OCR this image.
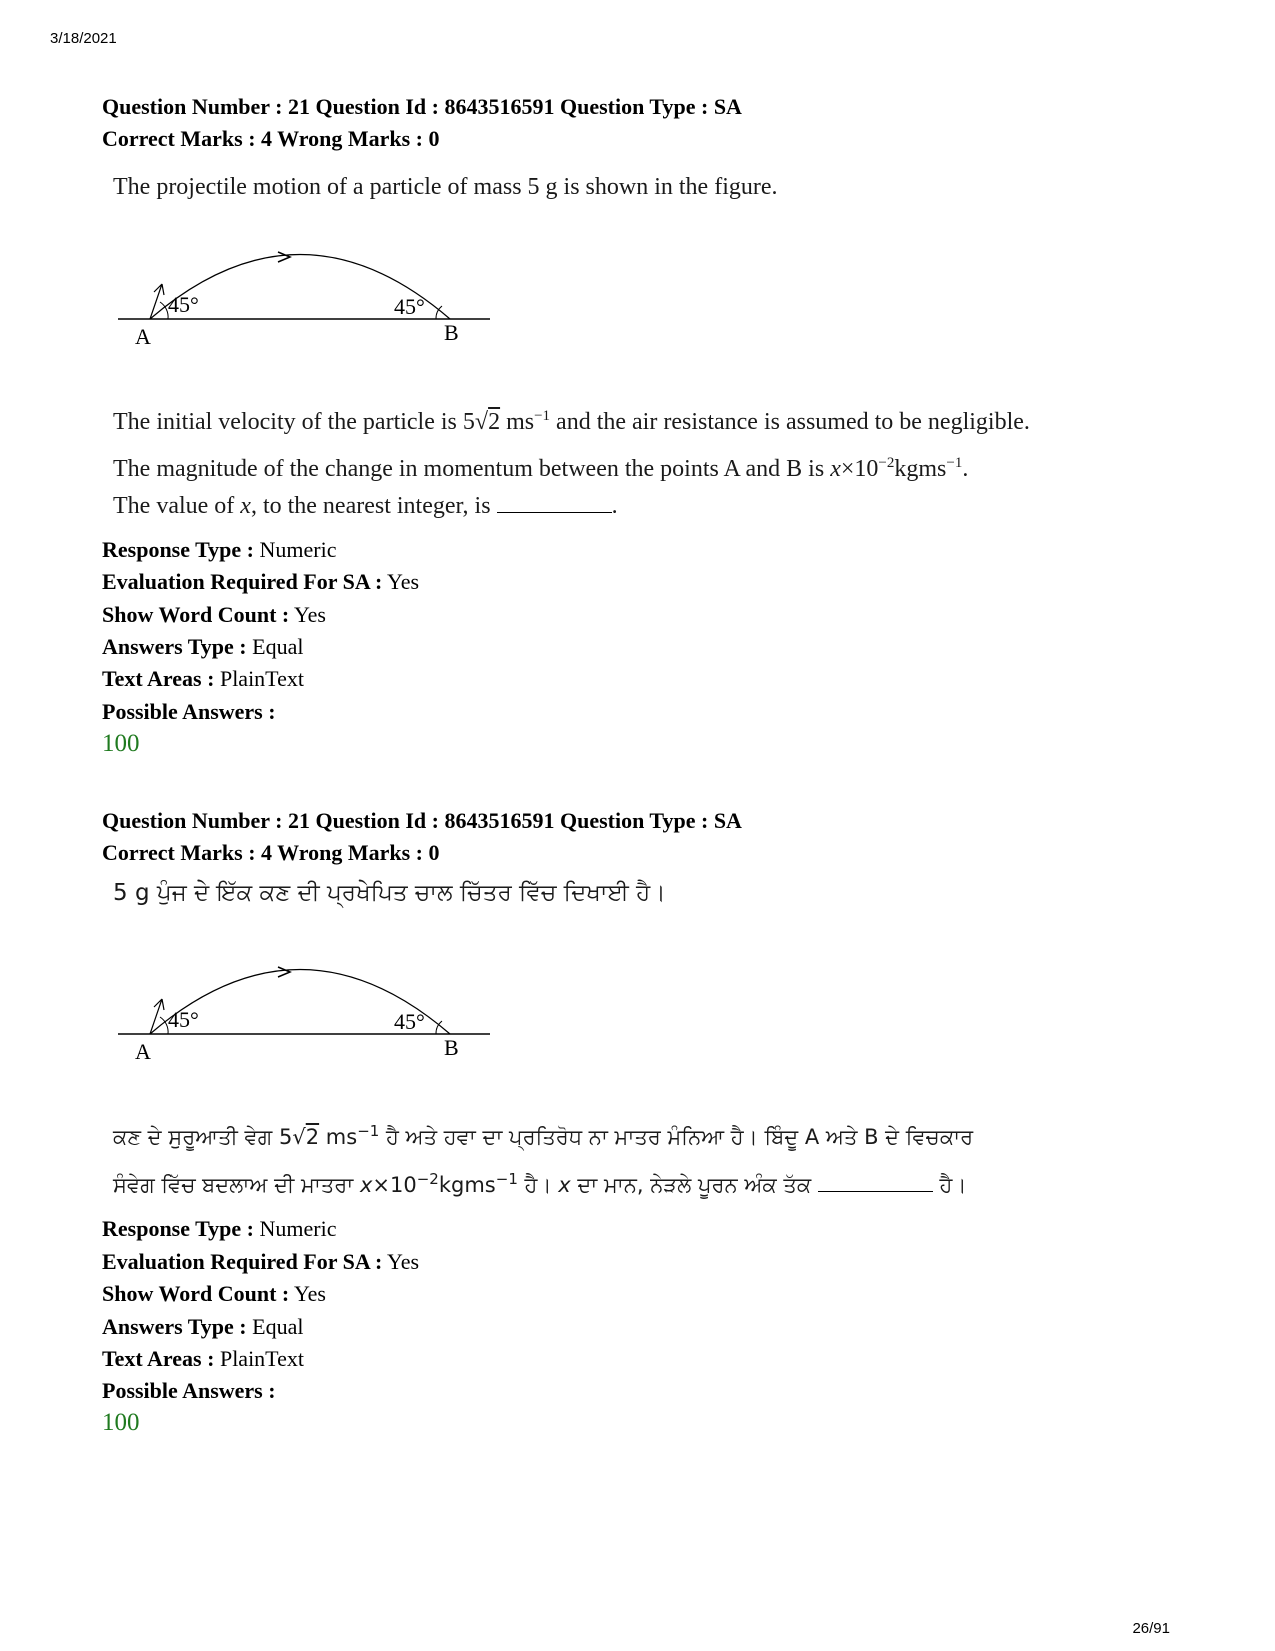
3/18/2021
Question Number : 21 Question Id : 8643516591 Question Type : SA
Correct Marks : 4 Wrong Marks : 0
The projectile motion of a particle of mass 5 g is shown in the figure.
45°	45°
A	B
The initial velocity of the particle is 5√2 $ms^{-1}$ and the air resistance is assumed to be negligible.
The magnitude of the change in momentum between the points A and B is $x\times 10^{-2}kgms^{-1}$.
The value of x, to the nearest integer, is	.
Response Type : Numeric
Evaluation Required For SA : Yes
Show Word Count : Yes
Answers Type : Equal
Text Areas : PlainText
Possible Answers :
100
Question Number : 21 Question Id : 8643516591 Question Type : SA
Correct Marks : 4 Wrong Marks : 0
5 g ਪੁੰਜ ਦੇ ਇੱਕ ਕਣ ਦੀ ਪ੍ਰਖੇਪਿਤ ਚਾਲ ਚਿੱਤਰ ਵਿੱਚ ਦਿਖਾਈ ਹੈ।
45°	45°
A	B
ਕਣ ਦੇ ਸੁਰੂਆਤੀ ਵੇਗ 5√2 $ms^{-1}$ ਹੈ ਅਤੇ ਹਵਾ ਦਾ ਪ੍ਰਤਿਰੋਧ ਨਾ ਮਾਤਰ ਮੰਨਿਆ ਹੈ। ਬਿੰਦੂ A ਅਤੇ B ਦੇ ਵਿਚਕਾਰ
ਸੰਵੇਗ ਵਿੱਚ ਬਦਲਾਅ ਦੀ ਮਾਤਰਾ $x\times 10^{-2}kgms^{-1}$ ਹੈ। x ਦਾ ਮਾਨ, ਨੇੜਲੇ ਪੂਰਨ ਅੰਕ ਤੱਕ	ਹੈ।
Response Type : Numeric
Evaluation Required For SA : Yes
Show Word Count : Yes
Answers Type : Equal
Text Areas : PlainText
Possible Answers :
100
26/91
